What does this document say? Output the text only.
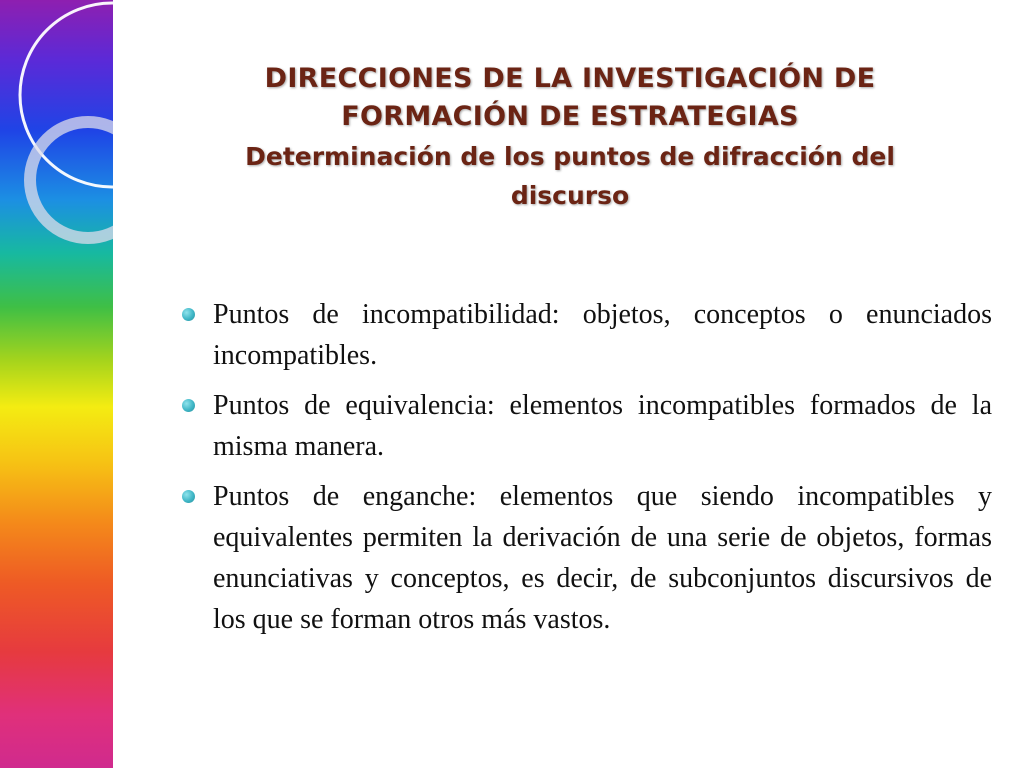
DIRECCIONES DE LA INVESTIGACIÓN DE
FORMACIÓN DE ESTRATEGIAS
Determinación de los puntos de difracción del
discurso
Puntos de incompatibilidad: objetos, conceptos o enunciados incompatibles.
Puntos de equivalencia: elementos incompatibles formados de la misma manera.
Puntos de enganche: elementos que siendo incompatibles y equivalentes permiten la derivación de una serie de objetos, formas enunciativas y conceptos, es decir, de subconjuntos discursivos de los que se forman otros más vastos.
